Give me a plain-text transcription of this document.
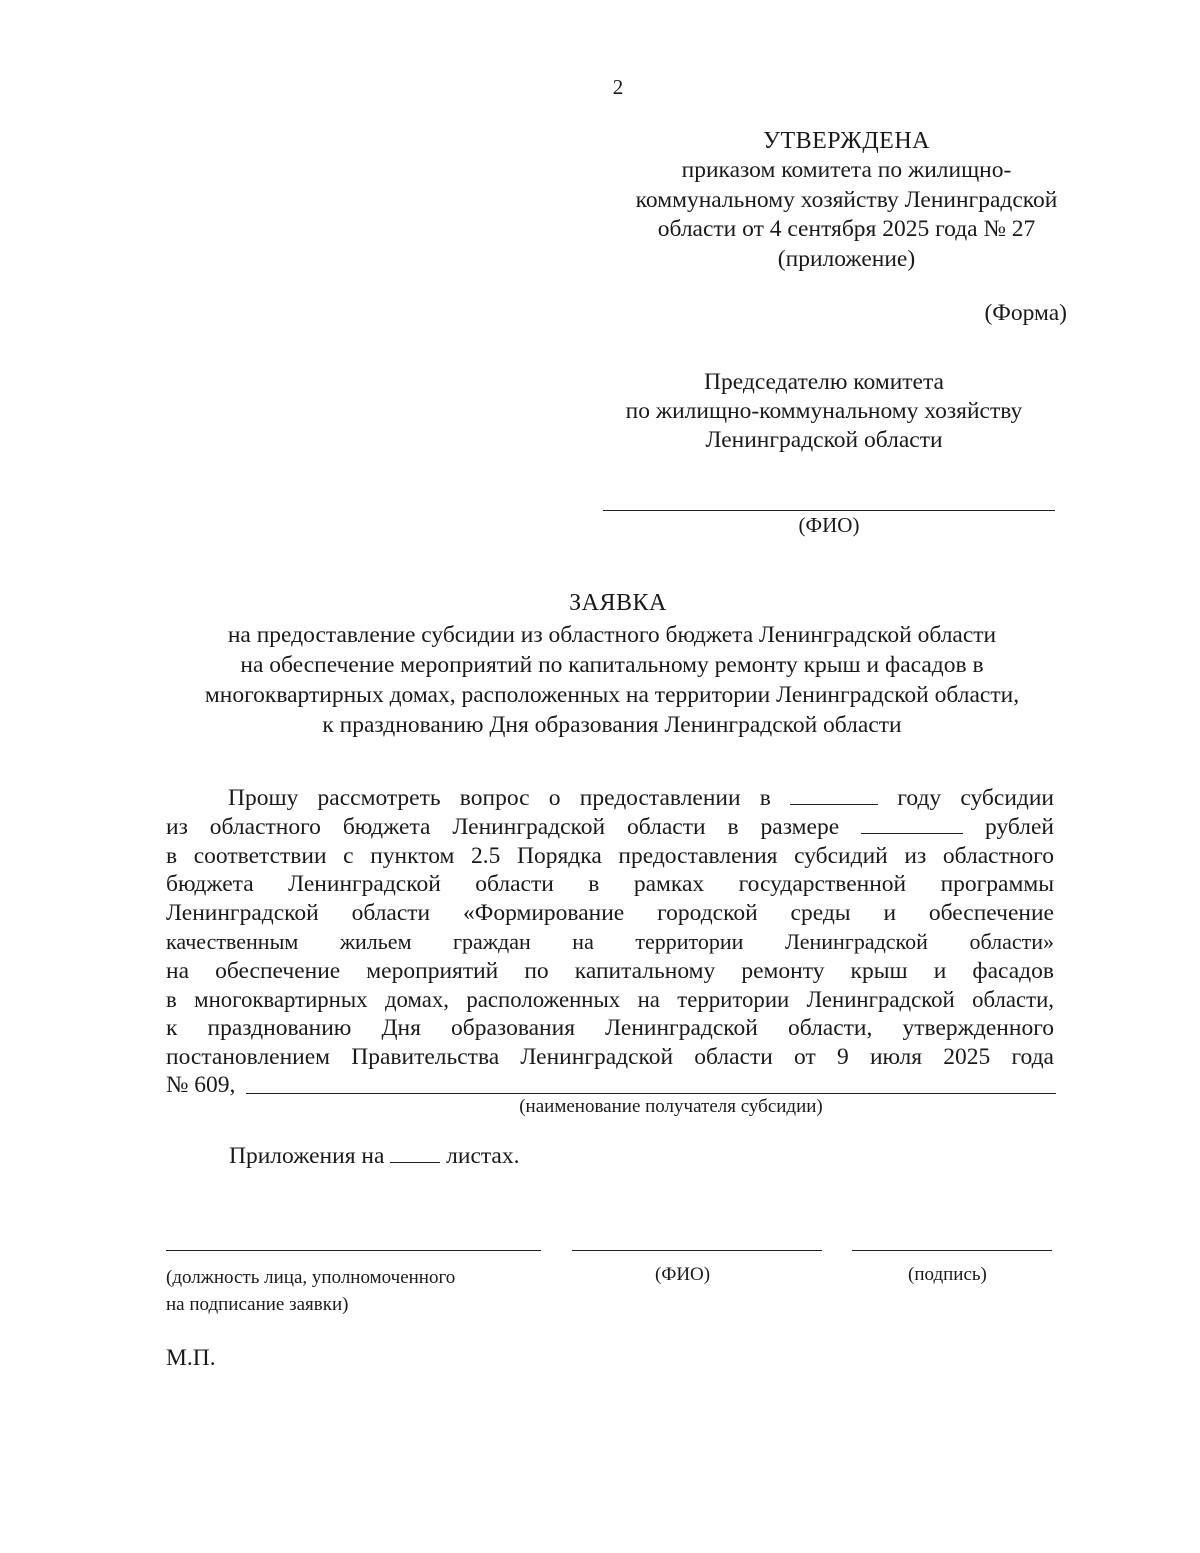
2
УТВЕРЖДЕНА
приказом комитета по жилищно-
коммунальному хозяйству Ленинградской
области от 4 сентября 2025 года № 27
(приложение)
(Форма)
Председателю комитета
по жилищно-коммунальному хозяйству
Ленинградской области
(ФИО)
ЗАЯВКА
на предоставление субсидии из областного бюджета Ленинградской области
на обеспечение мероприятий по капитальному ремонту крыш и фасадов в
многоквартирных домах, расположенных на территории Ленинградской области,
к празднованию Дня образования Ленинградской области
Прошу рассмотреть вопрос о предоставлении в	году субсидии
из областного бюджета Ленинградской области в размере	рублей
в соответствии с пунктом 2.5 Порядка предоставления субсидий из областного
бюджета Ленинградской области в рамках государственной программы
Ленинградской области «Формирование городской среды и обеспечение
качественным жильем граждан на территории Ленинградской области»
на обеспечение мероприятий по капитальному ремонту крыш и фасадов
в многоквартирных домах, расположенных на территории Ленинградской области,
к празднованию Дня образования Ленинградской области, утвержденного
постановлением Правительства Ленинградской области от 9 июля 2025 года
№ 609,
(наименование получателя субсидии)
Приложения на	листах.
(должность лица, уполномоченного
на подписание заявки)
(ФИО)	(подпись)
М.П.
